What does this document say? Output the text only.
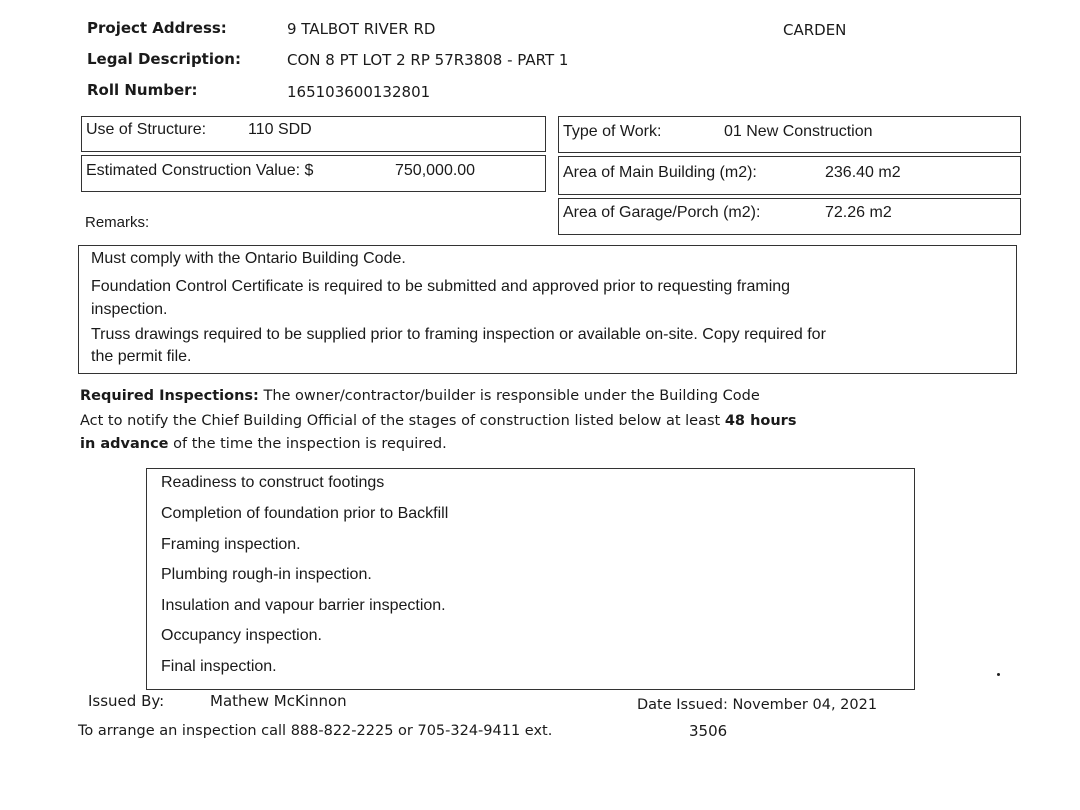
Project Address:	9 TALBOT RIVER RD	CARDEN
Legal Description:	CON 8 PT LOT 2 RP 57R3808 - PART 1
Roll Number:	165103600132801
Use of Structure:	110 SDD
Estimated Construction Value: $	750,000.00
Type of Work:	01 New Construction
Area of Main Building (m2):	236.40 m2
Area of Garage/Porch (m2):	72.26 m2
Remarks:
Must comply with the Ontario Building Code.
Foundation Control Certificate is required to be submitted and approved prior to requesting framing
inspection.
Truss drawings required to be supplied prior to framing inspection or available on-site. Copy required for
the permit file.
Required Inspections: The owner/contractor/builder is responsible under the Building Code
Act to notify the Chief Building Official of the stages of construction listed below at least 48 hours
in advance of the time the inspection is required.
Readiness to construct footings
Completion of foundation prior to Backfill
Framing inspection.
Plumbing rough-in inspection.
Insulation and vapour barrier inspection.
Occupancy inspection.
Final inspection.
Issued By:	Mathew McKinnon	Date Issued: November 04, 2021
To arrange an inspection call 888-822-2225 or 705-324-9411 ext.	3506
